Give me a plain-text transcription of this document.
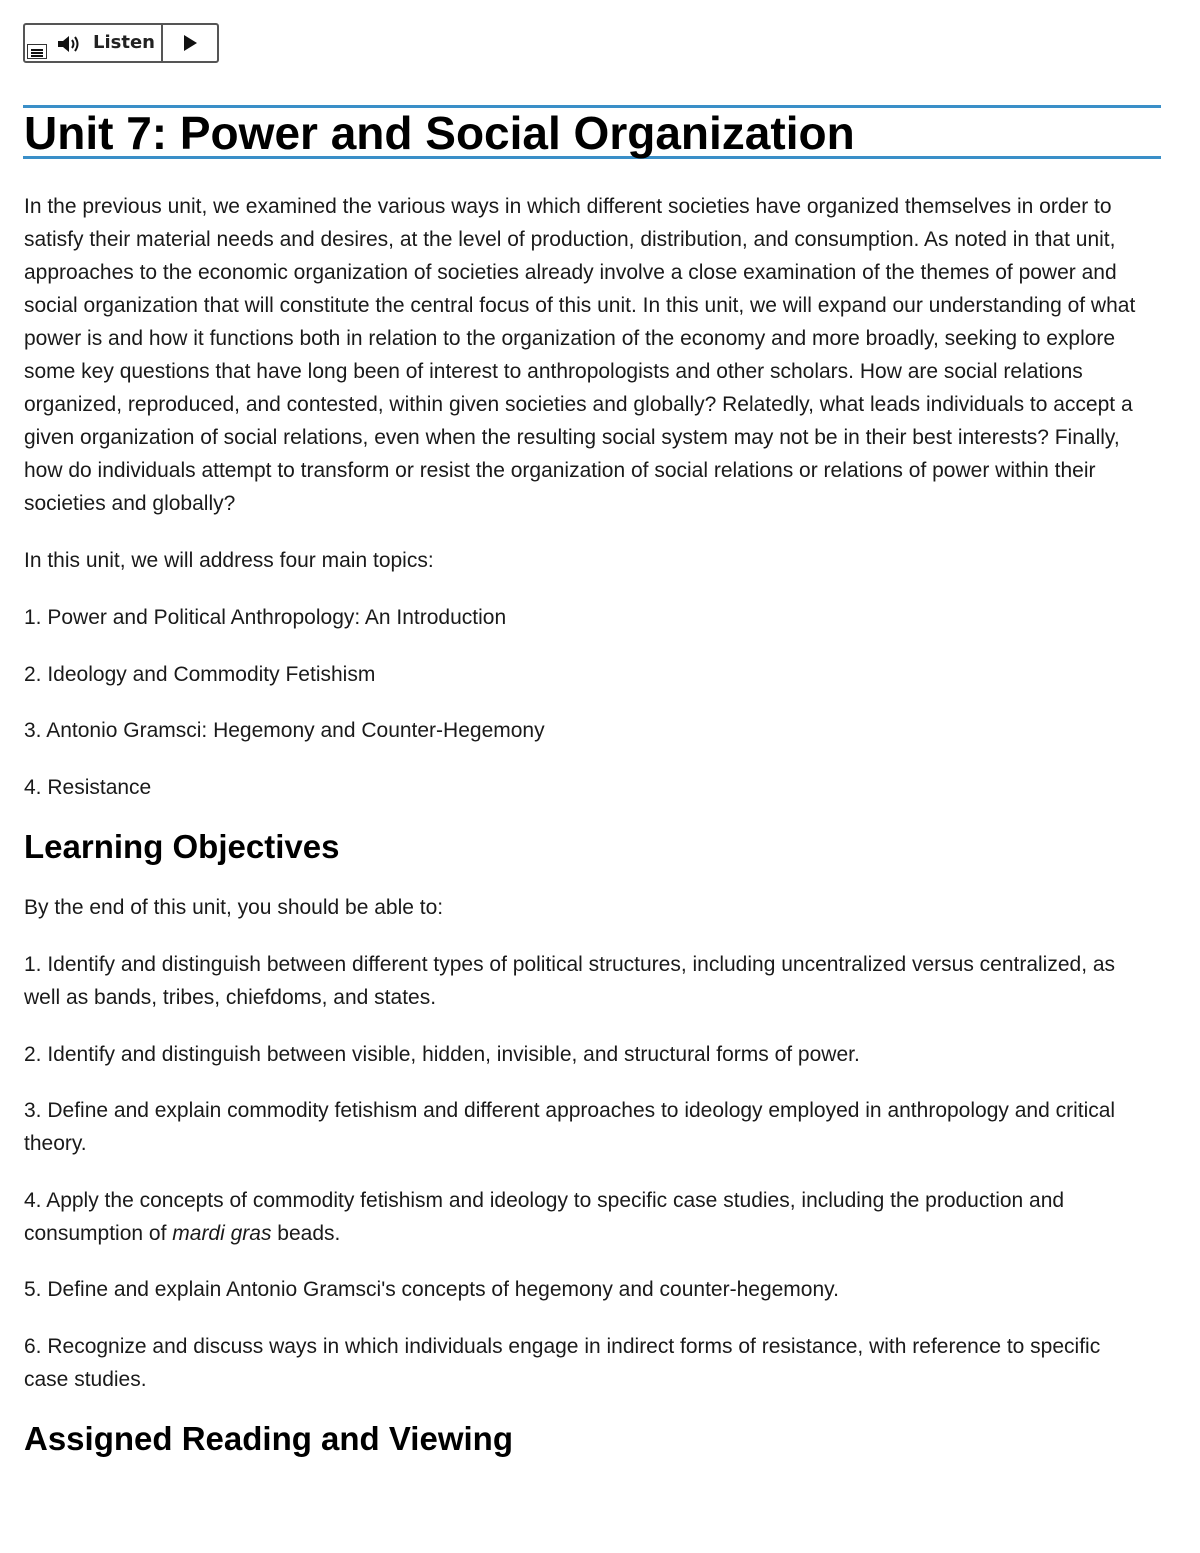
Listen
Unit 7: Power and Social Organization

In the previous unit, we examined the various ways in which different societies have organized themselves in order to satisfy their material needs and desires, at the level of production, distribution, and consumption. As noted in that unit, approaches to the economic organization of societies already involve a close examination of the themes of power and social organization that will constitute the central focus of this unit. In this unit, we will expand our understanding of what power is and how it functions both in relation to the organization of the economy and more broadly, seeking to explore some key questions that have long been of interest to anthropologists and other scholars. How are social relations organized, reproduced, and contested, within given societies and globally? Relatedly, what leads individuals to accept a given organization of social relations, even when the resulting social system may not be in their best interests? Finally, how do individuals attempt to transform or resist the organization of social relations or relations of power within their societies and globally?

In this unit, we will address four main topics:

1. Power and Political Anthropology: An Introduction

2. Ideology and Commodity Fetishism

3. Antonio Gramsci: Hegemony and Counter-Hegemony

4. Resistance

Learning Objectives

By the end of this unit, you should be able to:

1. Identify and distinguish between different types of political structures, including uncentralized versus centralized, as well as bands, tribes, chiefdoms, and states.

2. Identify and distinguish between visible, hidden, invisible, and structural forms of power.

3. Define and explain commodity fetishism and different approaches to ideology employed in anthropology and critical theory.

4. Apply the concepts of commodity fetishism and ideology to specific case studies, including the production and consumption of mardi gras beads.

5. Define and explain Antonio Gramsci's concepts of hegemony and counter-hegemony.

6. Recognize and discuss ways in which individuals engage in indirect forms of resistance, with reference to specific case studies.

Assigned Reading and Viewing
